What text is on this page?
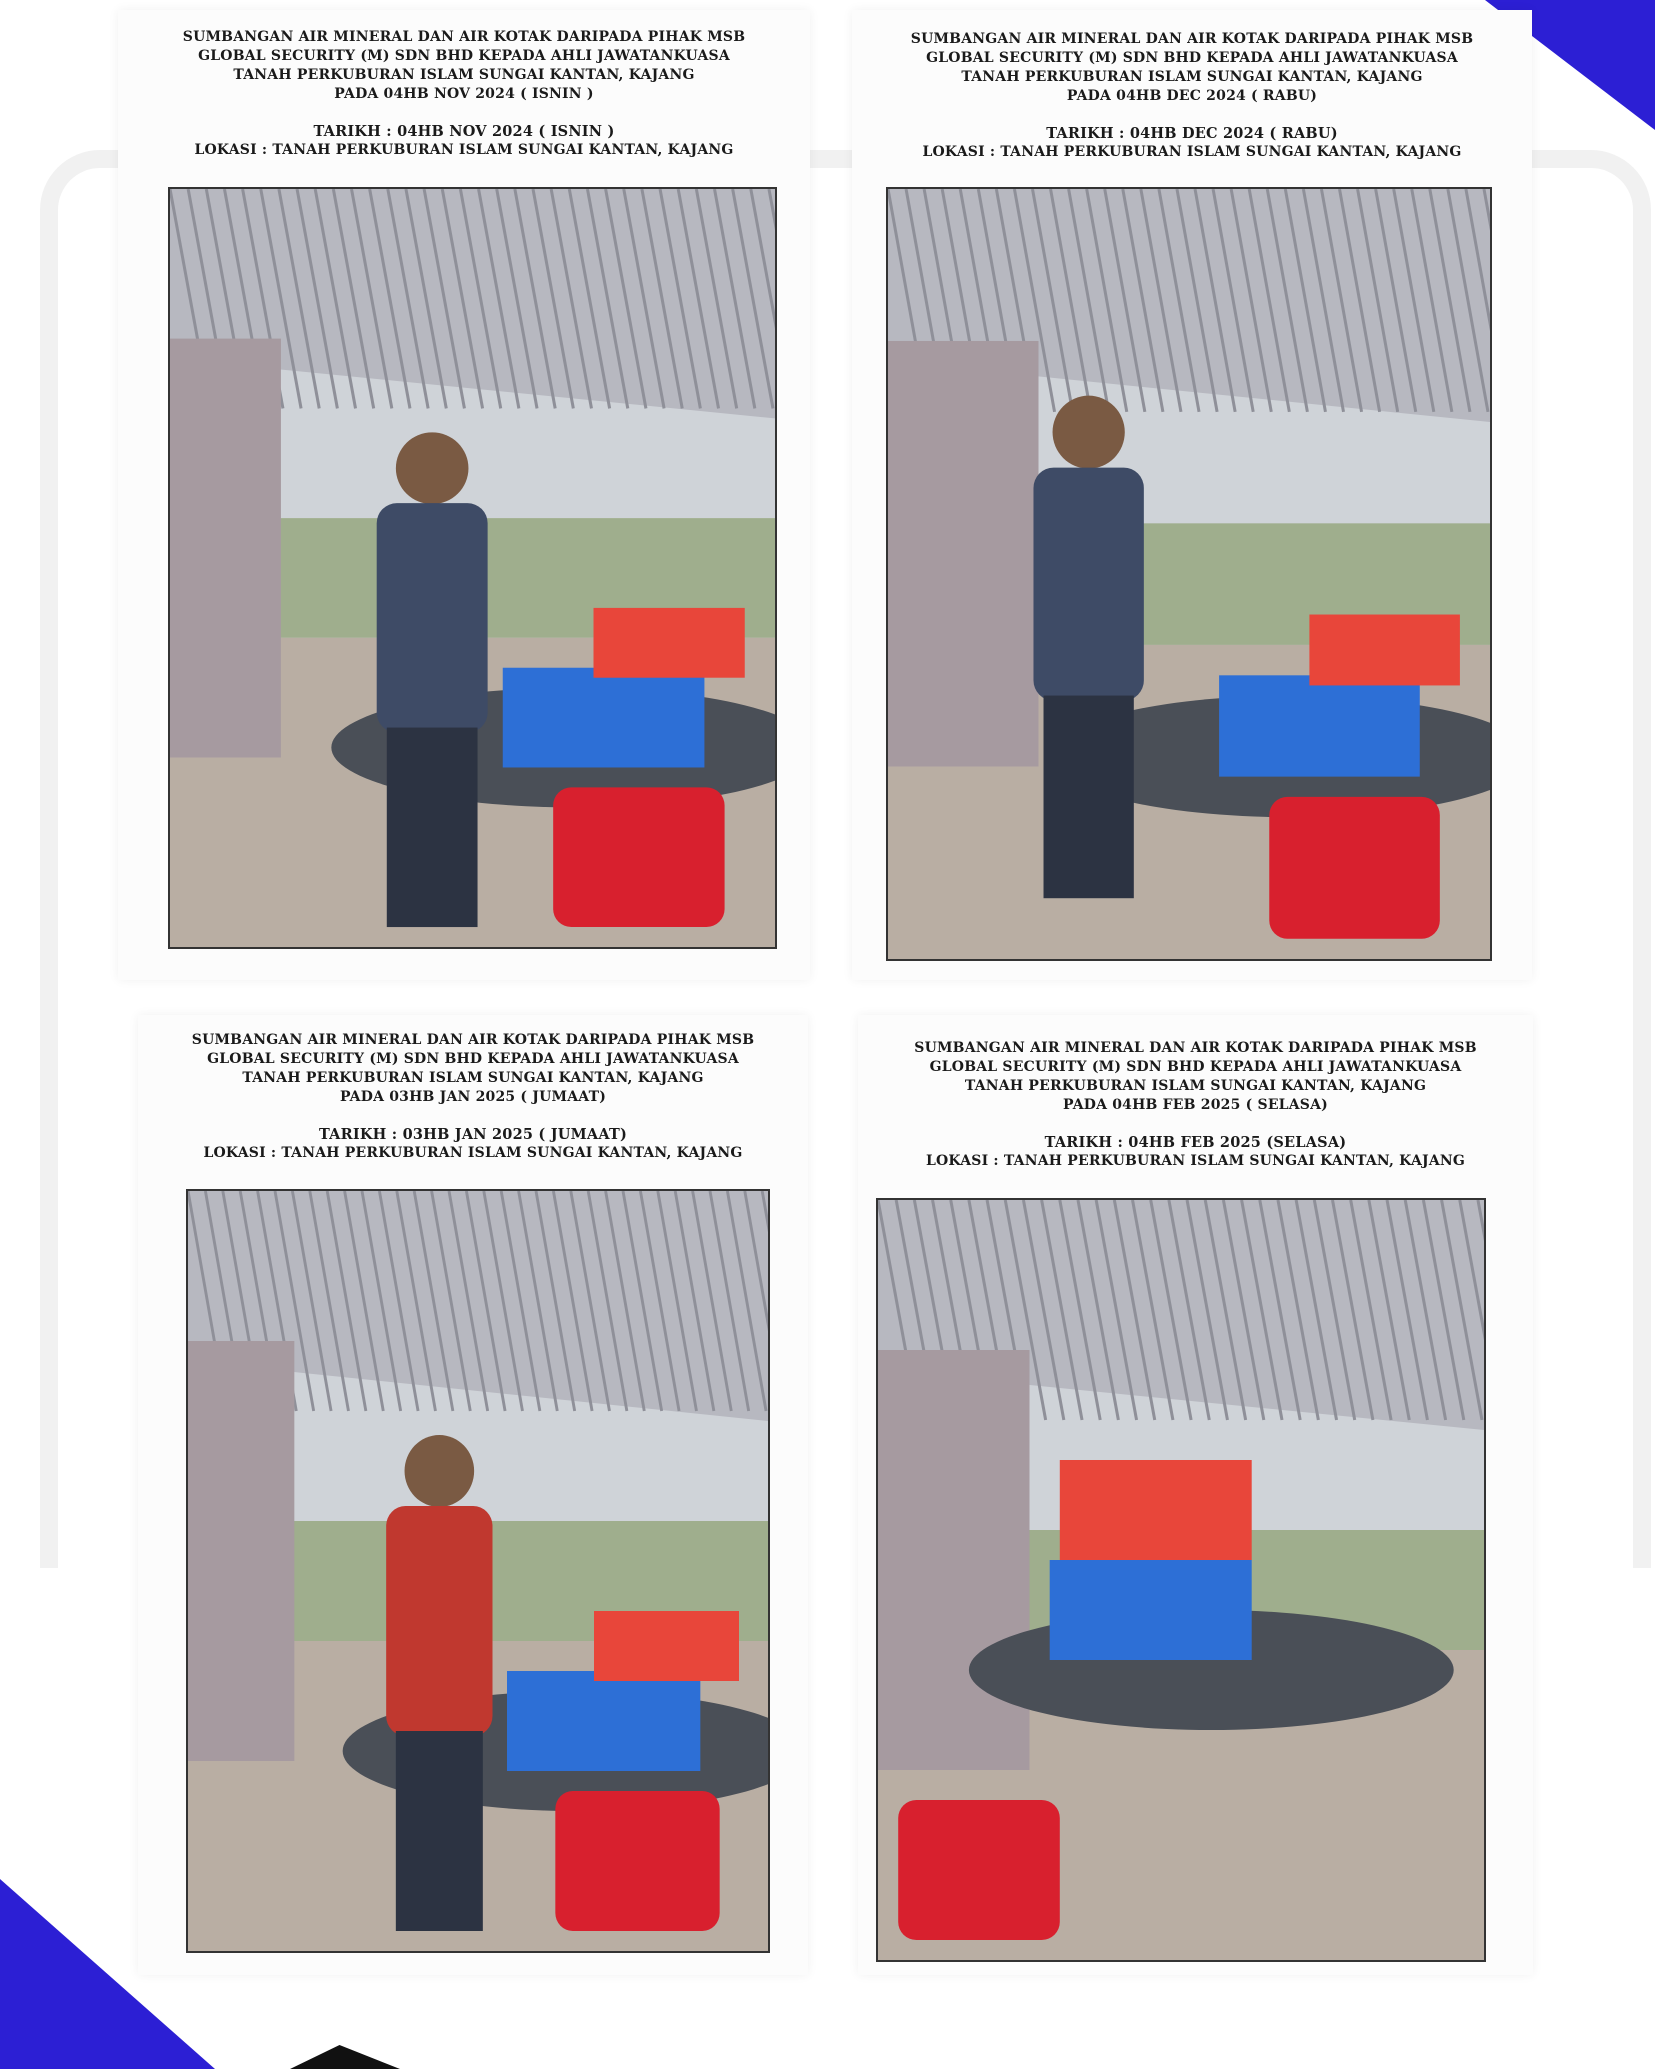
SUMBANGAN AIR MINERAL DAN AIR KOTAK DARIPADA PIHAK MSB
GLOBAL SECURITY (M) SDN BHD KEPADA AHLI JAWATANKUASA
TANAH PERKUBURAN ISLAM SUNGAI KANTAN, KAJANG
PADA 04HB NOV 2024 ( ISNIN )
TARIKH : 04HB NOV 2024 ( ISNIN )
LOKASI : TANAH PERKUBURAN ISLAM SUNGAI KANTAN, KAJANG
SUMBANGAN AIR MINERAL DAN AIR KOTAK DARIPADA PIHAK MSB
GLOBAL SECURITY (M) SDN BHD KEPADA AHLI JAWATANKUASA
TANAH PERKUBURAN ISLAM SUNGAI KANTAN, KAJANG
PADA 04HB DEC 2024 ( RABU)
TARIKH : 04HB DEC 2024 ( RABU)
LOKASI : TANAH PERKUBURAN ISLAM SUNGAI KANTAN, KAJANG
SUMBANGAN AIR MINERAL DAN AIR KOTAK DARIPADA PIHAK MSB
GLOBAL SECURITY (M) SDN BHD KEPADA AHLI JAWATANKUASA
TANAH PERKUBURAN ISLAM SUNGAI KANTAN, KAJANG
PADA 03HB JAN 2025 ( JUMAAT)
TARIKH : 03HB JAN 2025 ( JUMAAT)
LOKASI : TANAH PERKUBURAN ISLAM SUNGAI KANTAN, KAJANG
SUMBANGAN AIR MINERAL DAN AIR KOTAK DARIPADA PIHAK MSB
GLOBAL SECURITY (M) SDN BHD KEPADA AHLI JAWATANKUASA
TANAH PERKUBURAN ISLAM SUNGAI KANTAN, KAJANG
PADA 04HB FEB 2025 ( SELASA)
TARIKH : 04HB FEB 2025 (SELASA)
LOKASI : TANAH PERKUBURAN ISLAM SUNGAI KANTAN, KAJANG
